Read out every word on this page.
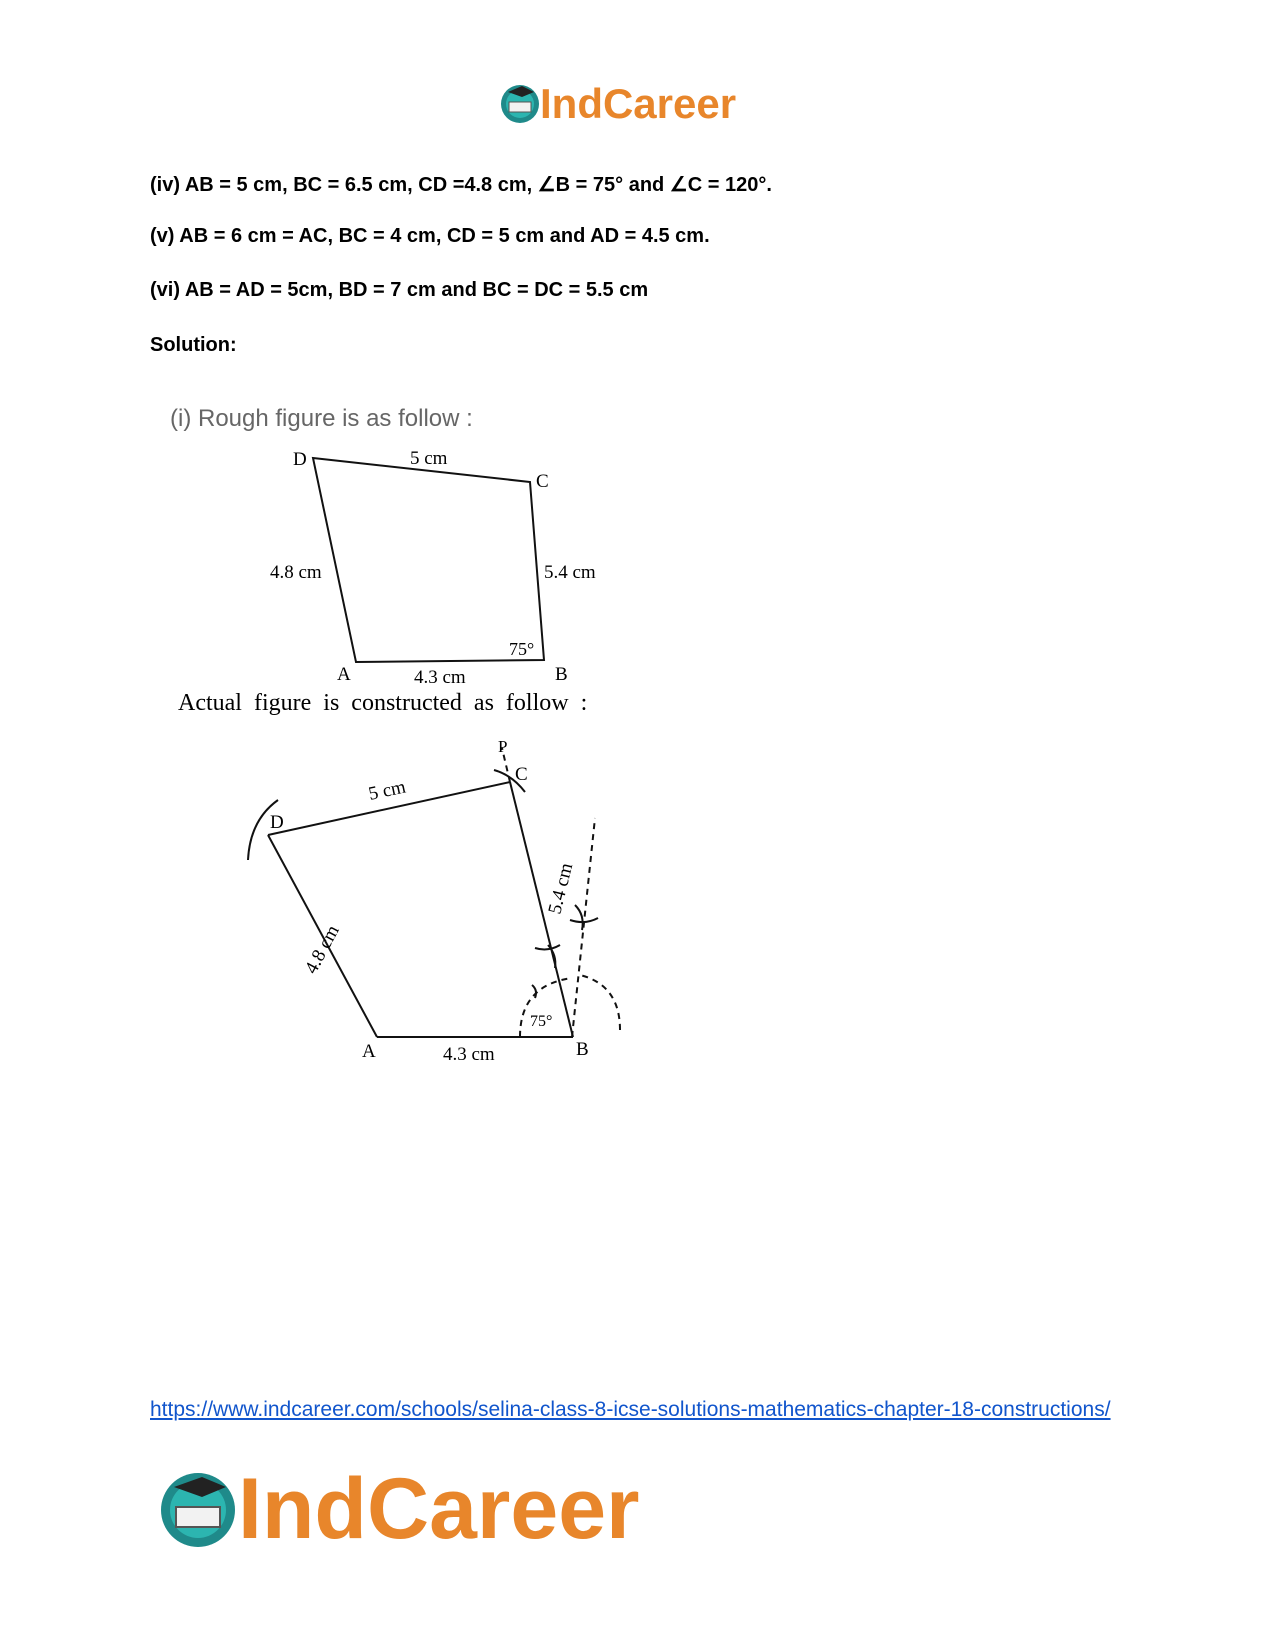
IndCareer
(iv) AB = 5 cm, BC = 6.5 cm, CD =4.8 cm, ∠B = 75° and ∠C = 120°.
(v) AB = 6 cm = AC, BC = 4 cm, CD = 5 cm and AD = 4.5 cm.
(vi) AB = AD = 5cm, BD = 7 cm and BC = DC = 5.5 cm
Solution:
(i) Rough figure is as follow :
D
C
A	B
5 cm
4.8 cm	5.4 cm
4.3 cm
75°
Actual figure is constructed as follow :
D
C
P
A	B
5 cm
4.8 cm
5.4 cm
4.3 cm
75°
https://www.indcareer.com/schools/selina-class-8-icse-solutions-mathematics-chapter-18-constructions/
IndCareer
